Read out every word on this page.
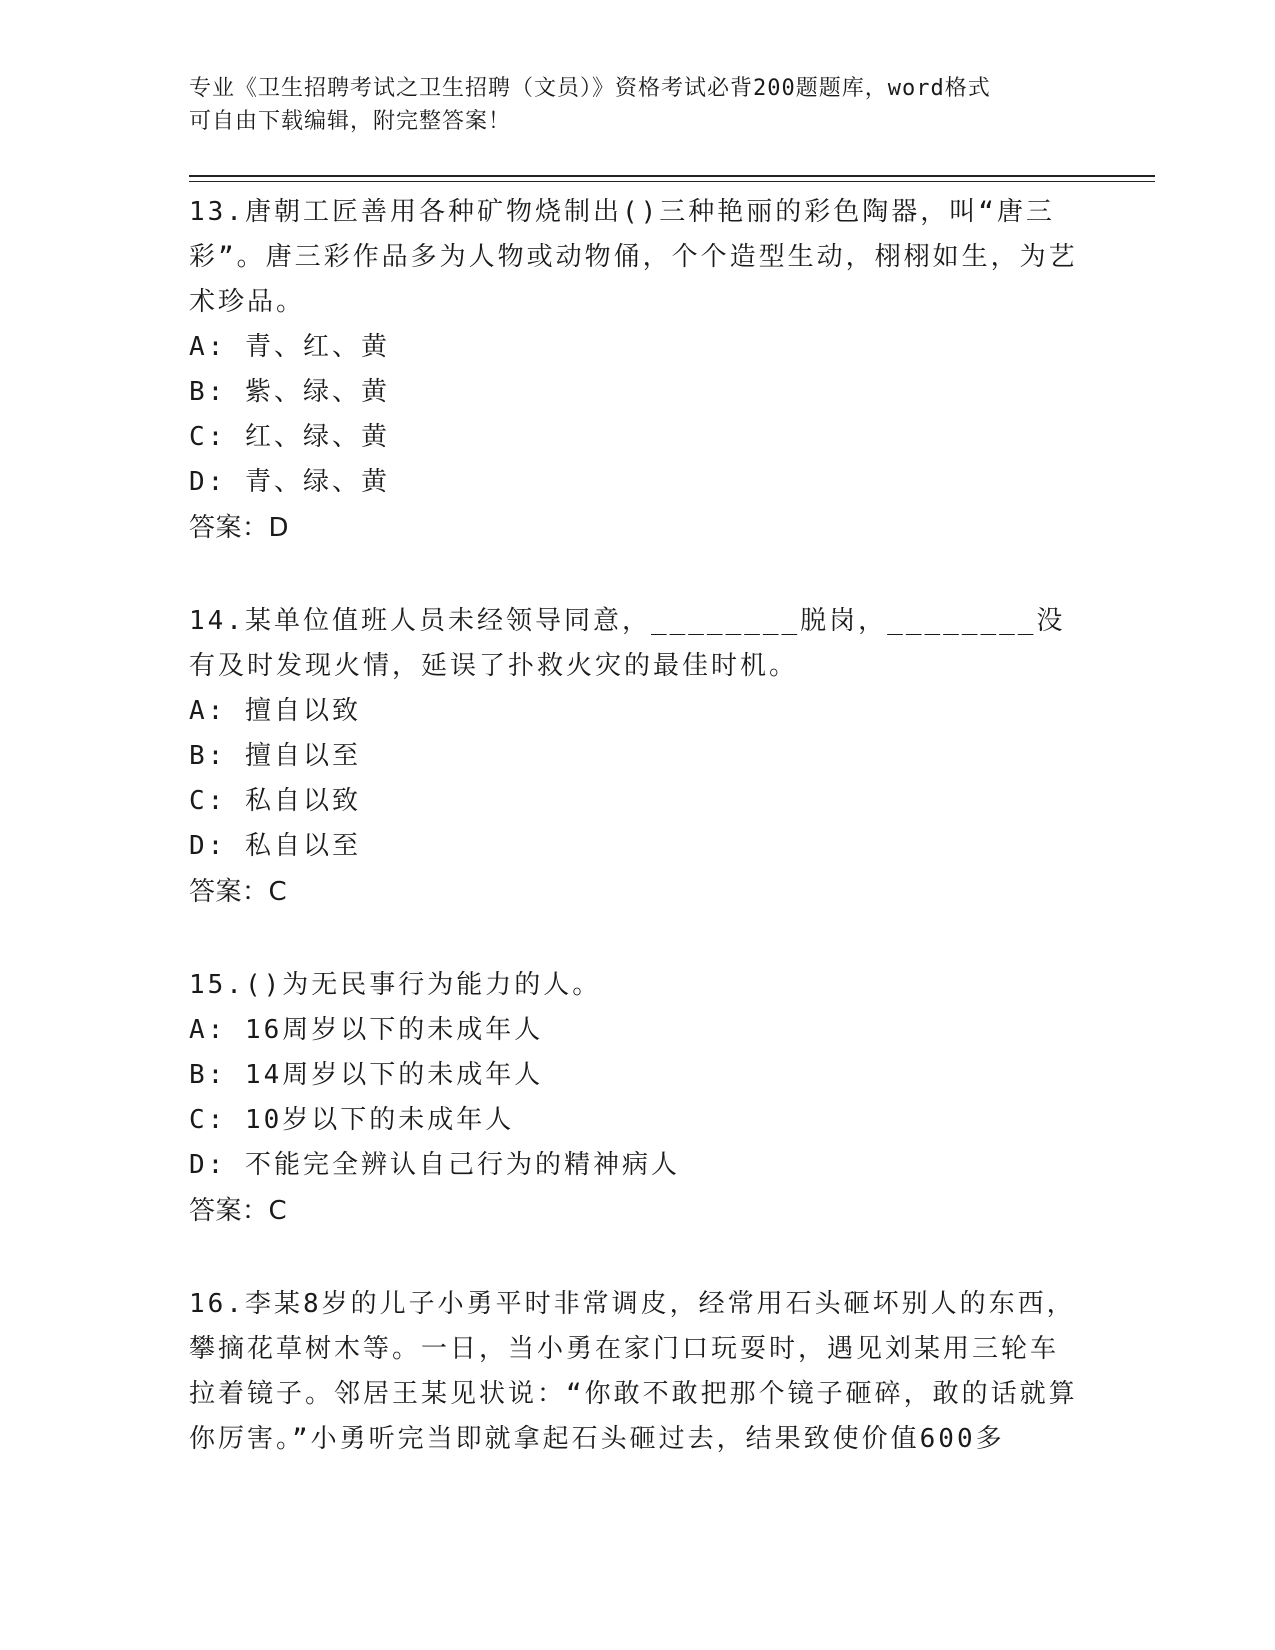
专业《卫生招聘考试之卫生招聘（文员）》资格考试必背200题题库，word格式
可自由下载编辑，附完整答案！
13.唐朝工匠善用各种矿物烧制出()三种艳丽的彩色陶器，叫“唐三彩”。唐三彩作品多为人物或动物俑，个个造型生动，栩栩如生，为艺术珍品。
A: 青、红、黄
B: 紫、绿、黄
C: 红、绿、黄
D: 青、绿、黄
答案：D
14.某单位值班人员未经领导同意，________脱岗，________没有及时发现火情，延误了扑救火灾的最佳时机。
A: 擅自以致
B: 擅自以至
C: 私自以致
D: 私自以至
答案：C
15.()为无民事行为能力的人。
A: 16周岁以下的未成年人
B: 14周岁以下的未成年人
C: 10岁以下的未成年人
D: 不能完全辨认自己行为的精神病人
答案：C
16.李某8岁的儿子小勇平时非常调皮，经常用石头砸坏别人的东西，攀摘花草树木等。一日，当小勇在家门口玩耍时，遇见刘某用三轮车拉着镜子。邻居王某见状说：“你敢不敢把那个镜子砸碎，敢的话就算你厉害。”小勇听完当即就拿起石头砸过去，结果致使价值600多
